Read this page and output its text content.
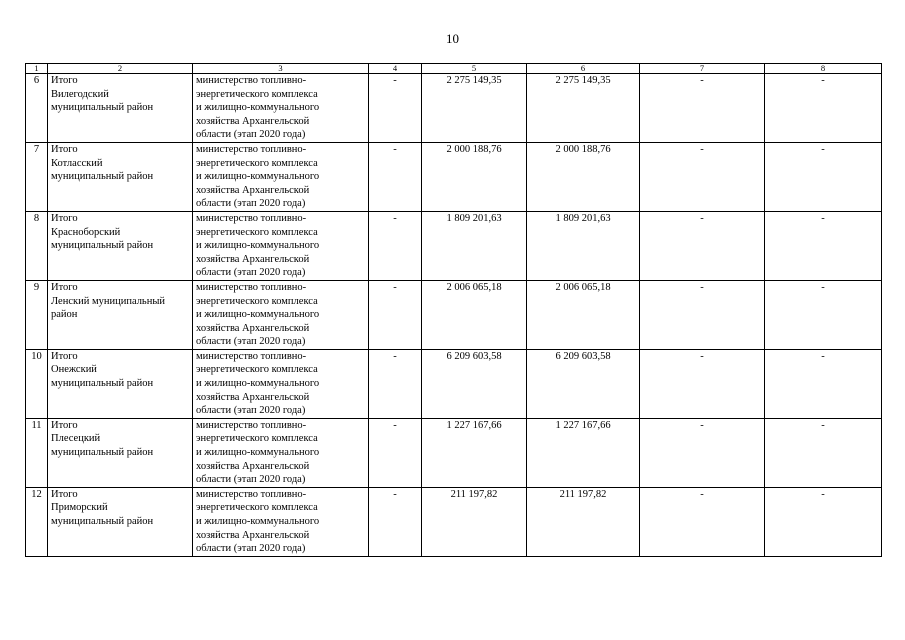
10
1	2	3	4	5	6	7	8
6	Итого
Вилегодский
муниципальный район	министерство топливно-
энергетического комплекса
и жилищно-коммунального
хозяйства Архангельской
области (этап 2020 года)	-	2 275 149,35	2 275 149,35	-	-
7	Итого
Котласский
муниципальный район	министерство топливно-
энергетического комплекса
и жилищно-коммунального
хозяйства Архангельской
области (этап 2020 года)	-	2 000 188,76	2 000 188,76	-	-
8	Итого
Красноборский
муниципальный район	министерство топливно-
энергетического комплекса
и жилищно-коммунального
хозяйства Архангельской
области (этап 2020 года)	-	1 809 201,63	1 809 201,63	-	-
9	Итого
Ленский муниципальный
район	министерство топливно-
энергетического комплекса
и жилищно-коммунального
хозяйства Архангельской
области (этап 2020 года)	-	2 006 065,18	2 006 065,18	-	-
10	Итого
Онежский
муниципальный район	министерство топливно-
энергетического комплекса
и жилищно-коммунального
хозяйства Архангельской
области (этап 2020 года)	-	6 209 603,58	6 209 603,58	-	-
11	Итого
Плесецкий
муниципальный район	министерство топливно-
энергетического комплекса
и жилищно-коммунального
хозяйства Архангельской
области (этап 2020 года)	-	1 227 167,66	1 227 167,66	-	-
12	Итого
Приморский
муниципальный район	министерство топливно-
энергетического комплекса
и жилищно-коммунального
хозяйства Архангельской
области (этап 2020 года)	-	211 197,82	211 197,82	-	-
